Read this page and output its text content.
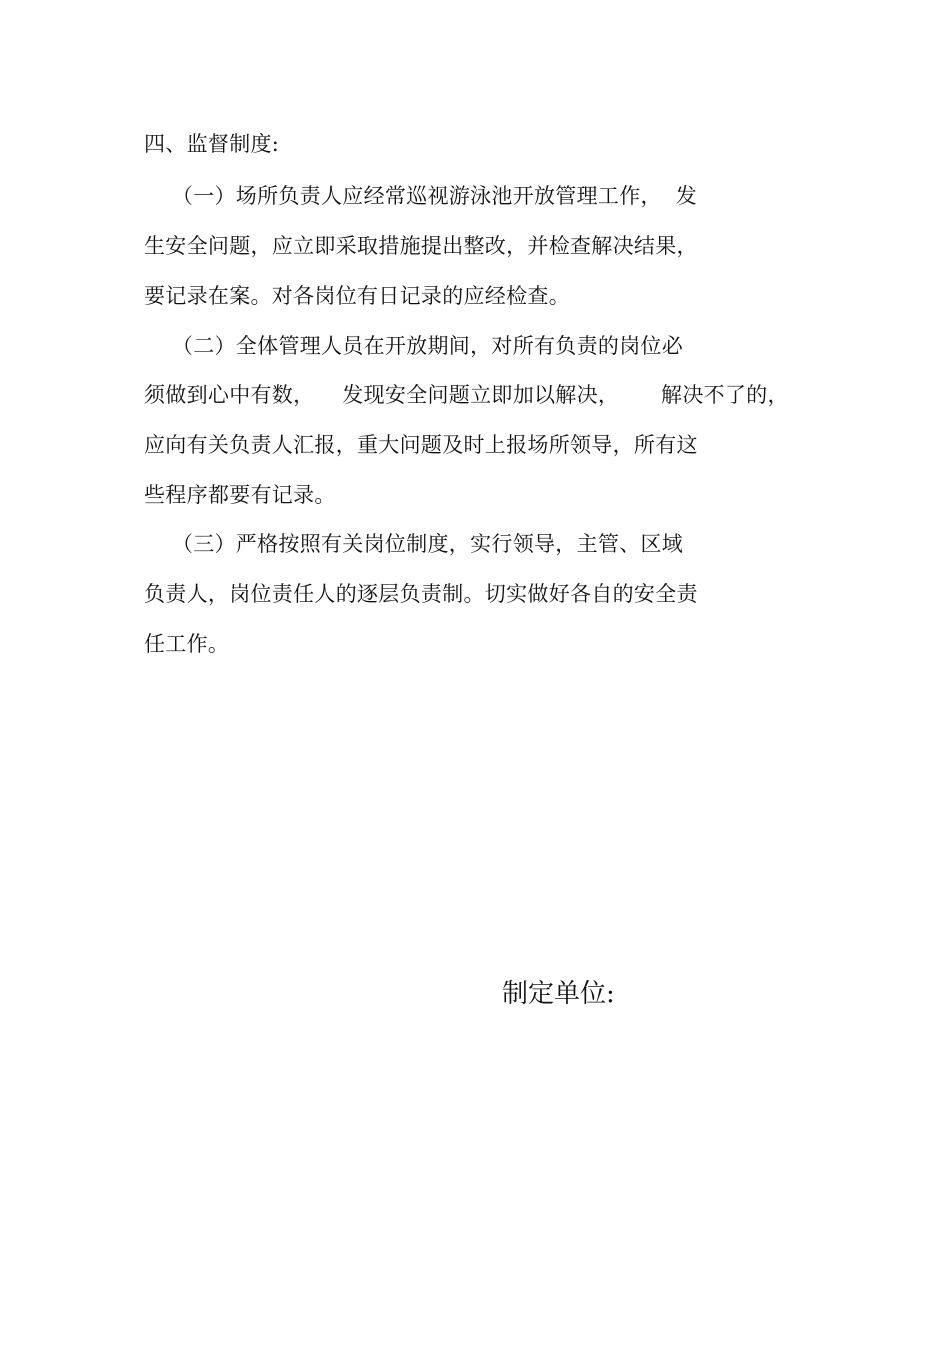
四、监督制度:
（一）场所负责人应经常巡视游泳池开放管理工作，  发
生安全问题，应立即采取措施提出整改，并检查解决结果，
要记录在案。对各岗位有日记录的应经检查。
（二）全体管理人员在开放期间，对所有负责的岗位必
须做到心中有数，    发现安全问题立即加以解决，      解决不了的，
应向有关负责人汇报，重大问题及时上报场所领导，所有这
些程序都要有记录。
（三）严格按照有关岗位制度，实行领导，主管、区域
负责人，岗位责任人的逐层负责制。切实做好各自的安全责
任工作。
制定单位:
